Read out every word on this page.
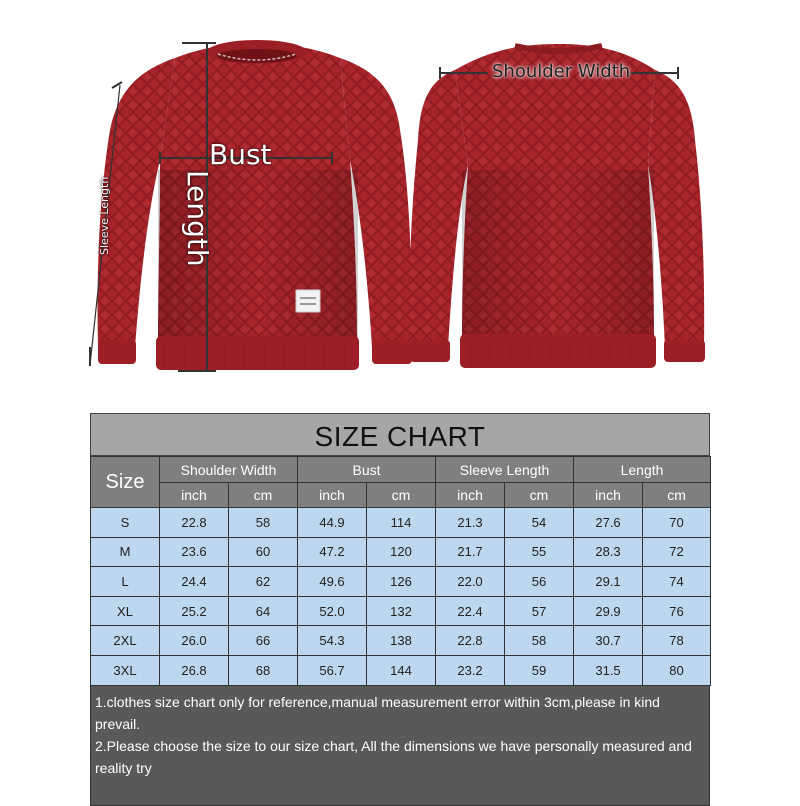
Bust
Length
Sleeve Length
Shoulder Width
SIZE CHART
Size	Shoulder Width		Bust		Sleeve Length		Length	
	inch	cm	inch	cm	inch	cm	inch	cm
S	22.8	58	44.9	114	21.3	54	27.6	70
M	23.6	60	47.2	120	21.7	55	28.3	72
L	24.4	62	49.6	126	22.0	56	29.1	74
XL	25.2	64	52.0	132	22.4	57	29.9	76
2XL	26.0	66	54.3	138	22.8	58	30.7	78
3XL	26.8	68	56.7	144	23.2	59	31.5	80

1.clothes size chart only for reference,manual measurement error within 3cm,please in kind prevail.

2.Please choose the size to our size chart, All the dimensions we have personally measured and reality try
